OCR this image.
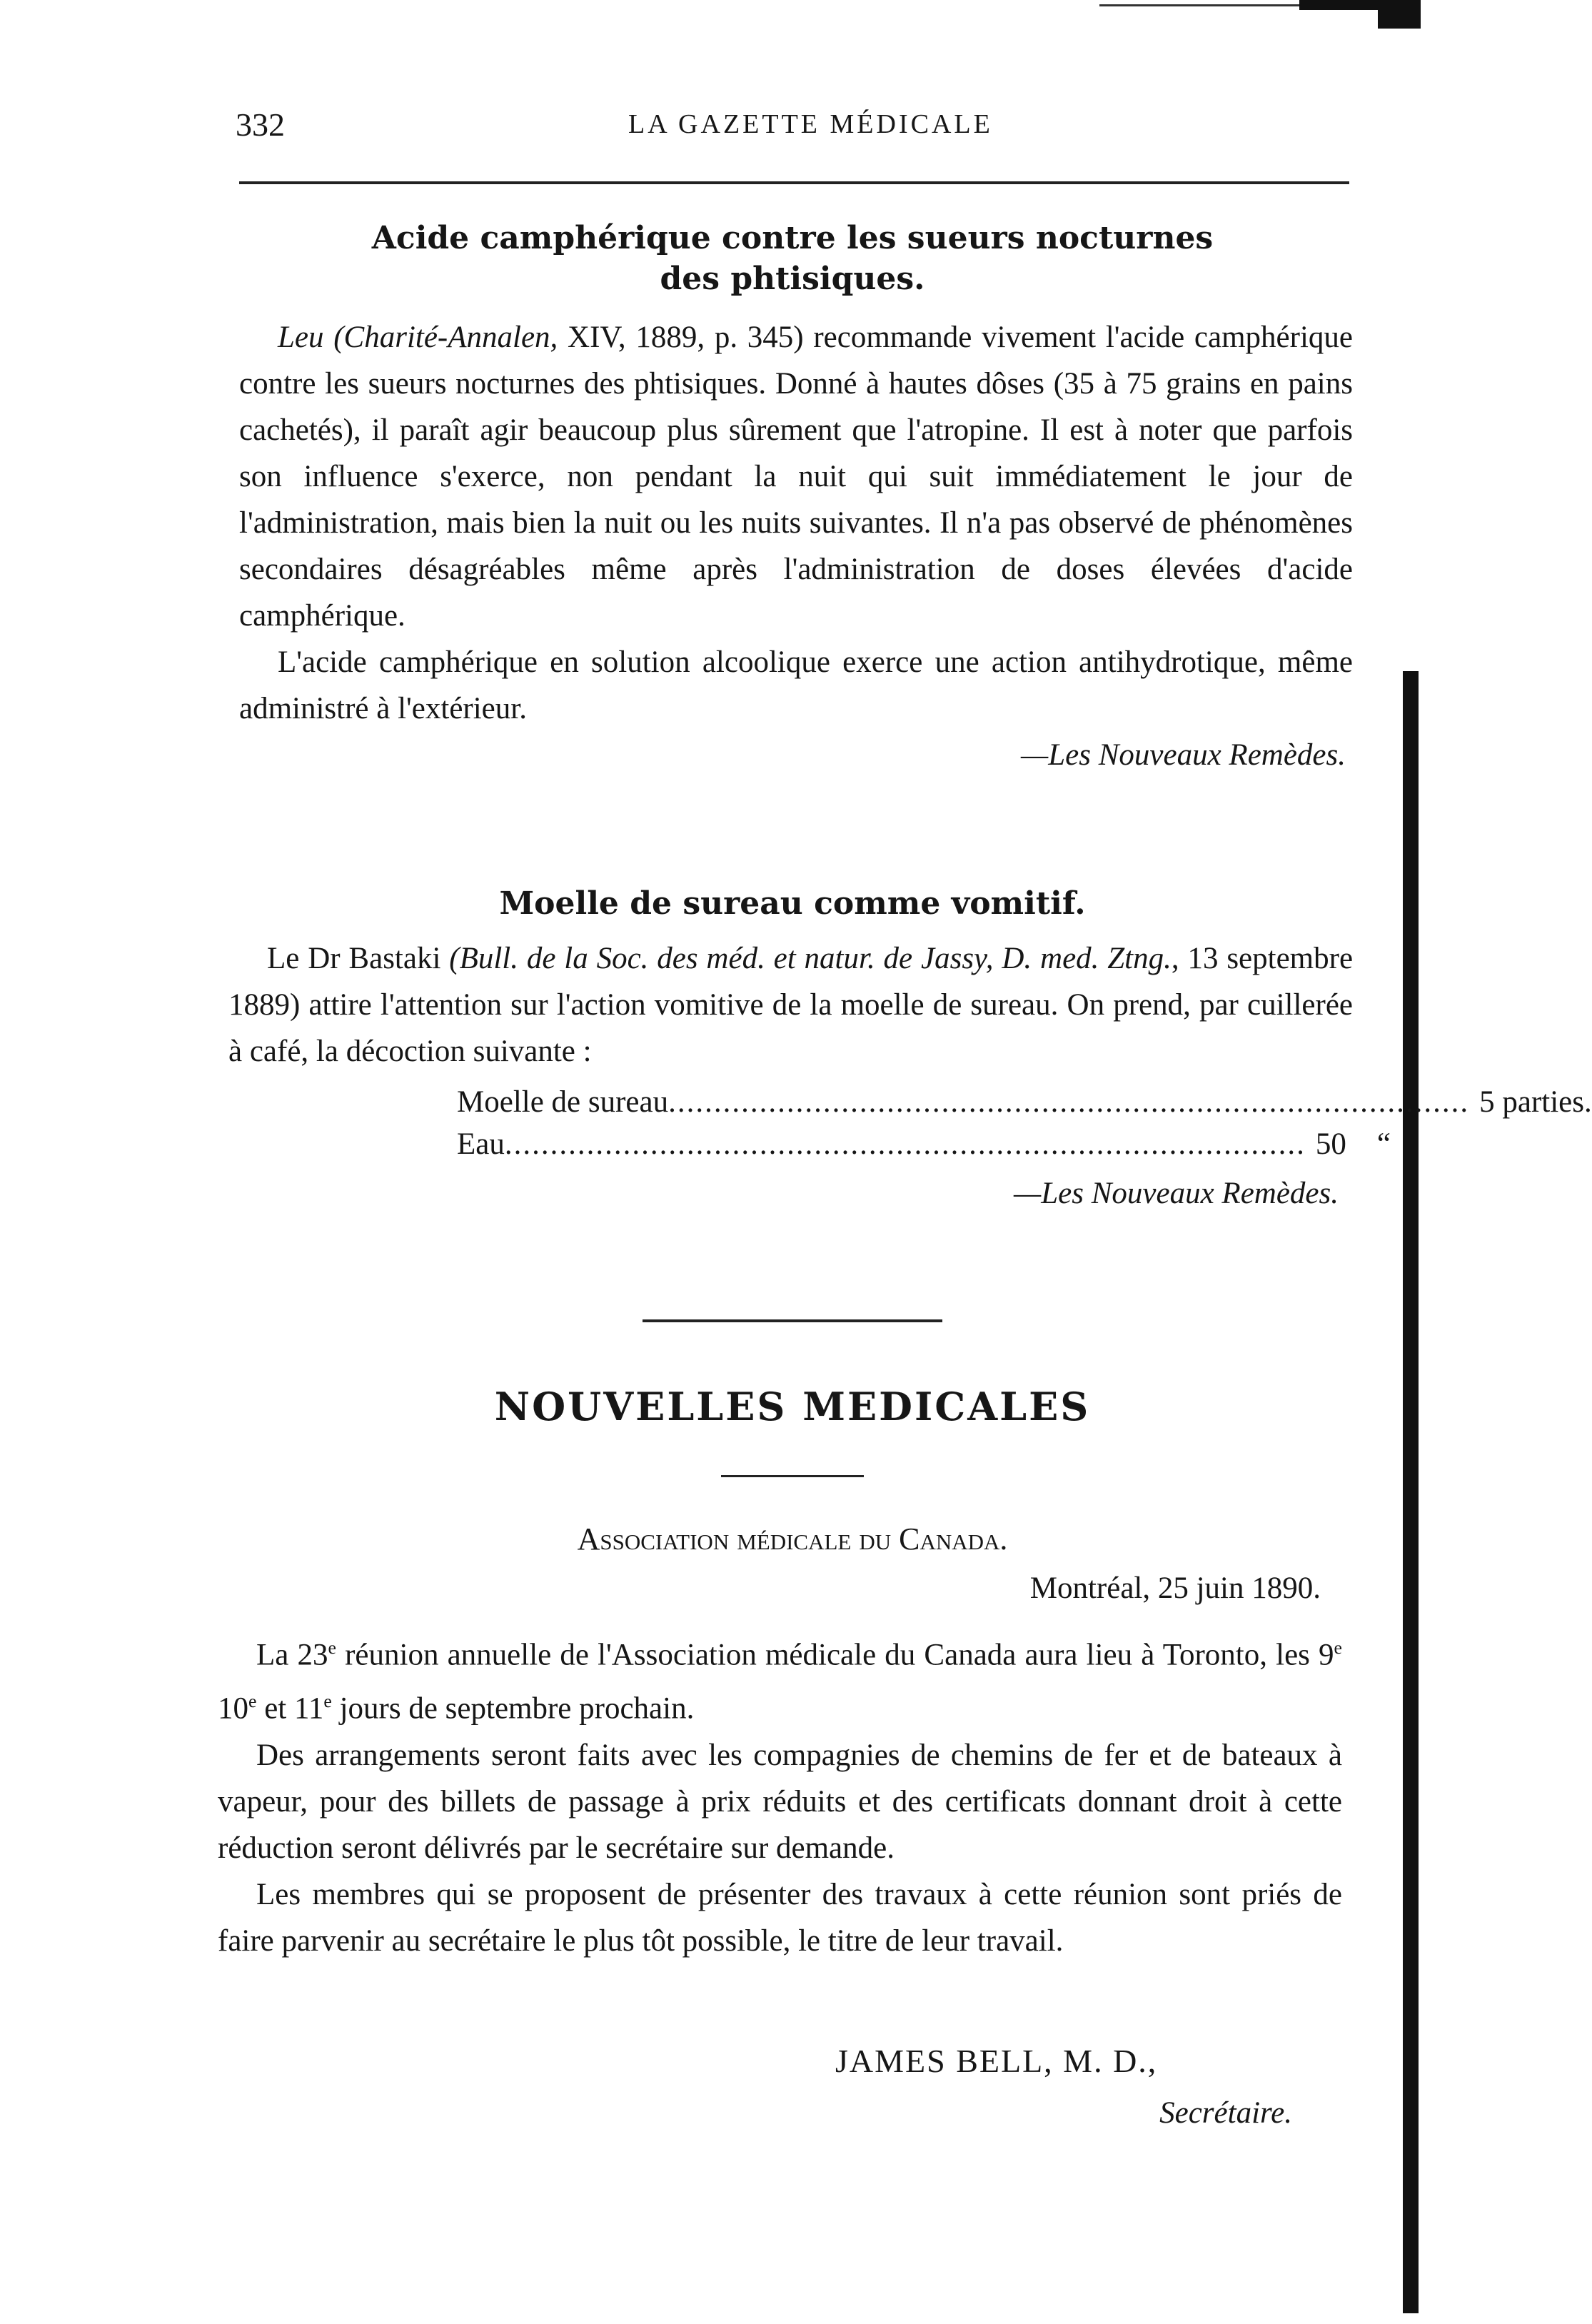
332	LA GAZETTE MÉDICALE
Acide camphérique contre les sueurs nocturnes
des phtisiques.

Leu (Charité-Annalen, XIV, 1889, p. 345) recommande vivement l'acide camphérique contre les sueurs nocturnes des phtisiques. Donné à hautes dôses (35 à 75 grains en pains cachetés), il paraît agir beaucoup plus sûrement que l'atropine. Il est à noter que parfois son influence s'exerce, non pendant la nuit qui suit immédiatement le jour de l'administration, mais bien la nuit ou les nuits suivantes. Il n'a pas observé de phénomènes secondaires désagréables même après l'administration de doses élevées d'acide camphérique.

L'acide camphérique en solution alcoolique exerce une action antihydrotique, même administré à l'extérieur.

—Les Nouveaux Remèdes.
Moelle de sureau comme vomitif.

Le Dr Bastaki (Bull. de la Soc. des méd. et natur. de Jassy, D. med. Ztng., 13 septembre 1889) attire l'attention sur l'action vomitive de la moelle de sureau. On prend, par cuillerée à café, la décoction suivante :

Moelle de sureau ........................................................................................ 5 parties.
Eau ........................................................................................ 50    “
—Les Nouveaux Remèdes.
NOUVELLES MEDICALES
Association médicale du Canada.
Montréal, 25 juin 1890.

La 23e réunion annuelle de l'Association médicale du Canada aura lieu à Toronto, les 9e 10e et 11e jours de septembre prochain.

Des arrangements seront faits avec les compagnies de chemins de fer et de bateaux à vapeur, pour des billets de passage à prix réduits et des certificats donnant droit à cette réduction seront délivrés par le secrétaire sur demande.

Les membres qui se proposent de présenter des travaux à cette réunion sont priés de faire parvenir au secrétaire le plus tôt possible, le titre de leur travail.

JAMES BELL, M. D.,
Secrétaire.
